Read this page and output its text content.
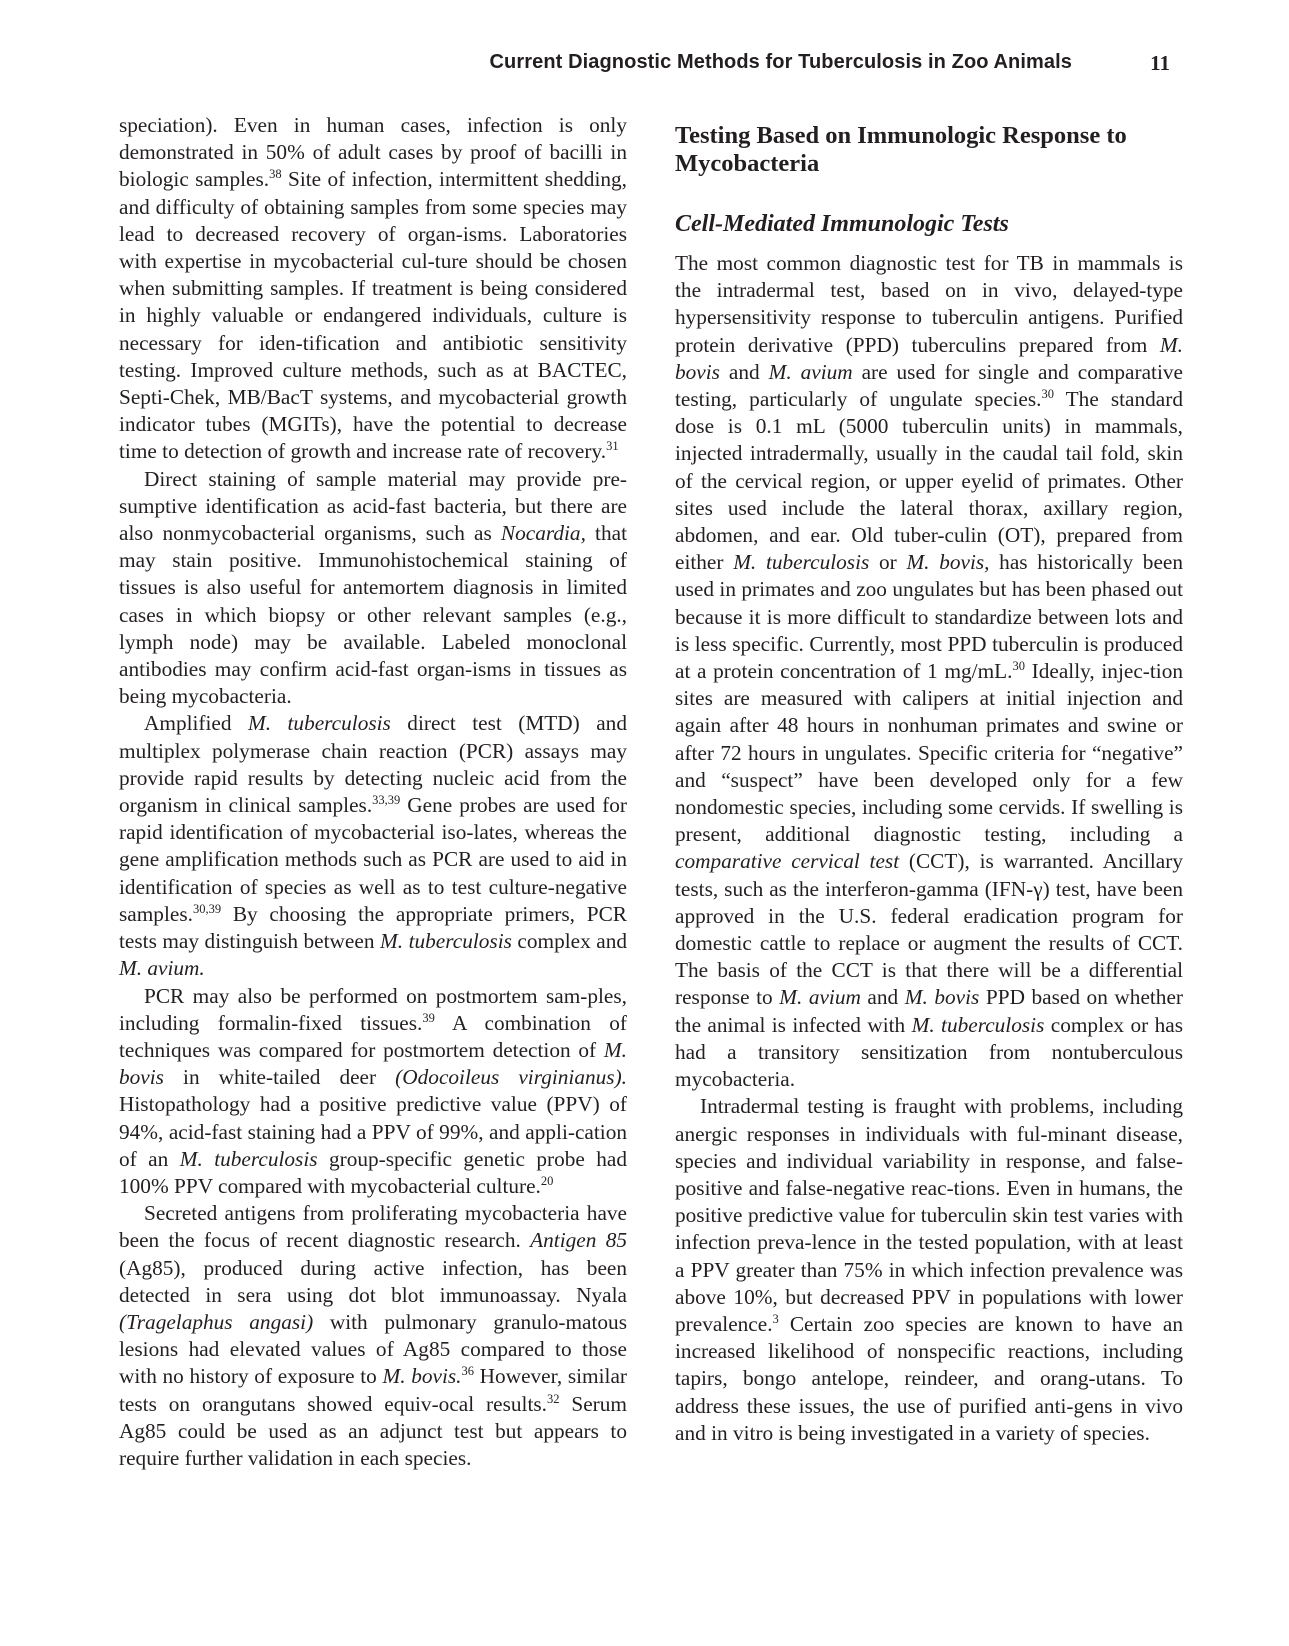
Current Diagnostic Methods for Tuberculosis in Zoo Animals	11

speciation). Even in human cases, infection is only demonstrated in 50% of adult cases by proof of bacilli in biologic samples.$^{38}$ Site of infection, intermittent shedding, and difficulty of obtaining samples from some species may lead to decreased recovery of organ-isms. Laboratories with expertise in mycobacterial cul-ture should be chosen when submitting samples. If treatment is being considered in highly valuable or endangered individuals, culture is necessary for iden-tification and antibiotic sensitivity testing. Improved culture methods, such as at BACTEC, Septi-Chek, MB/BacT systems, and mycobacterial growth indicator tubes (MGITs), have the potential to decrease time to detection of growth and increase rate of recovery.$^{31}$

Direct staining of sample material may provide pre-sumptive identification as acid-fast bacteria, but there are also nonmycobacterial organisms, such as Nocardia, that may stain positive. Immunohistochemical staining of tissues is also useful for antemortem diagnosis in limited cases in which biopsy or other relevant samples (e.g., lymph node) may be available. Labeled monoclonal antibodies may confirm acid-fast organ-isms in tissues as being mycobacteria.

Amplified M. tuberculosis direct test (MTD) and multiplex polymerase chain reaction (PCR) assays may provide rapid results by detecting nucleic acid from the organism in clinical samples.$^{33,39}$ Gene probes are used for rapid identification of mycobacterial iso-lates, whereas the gene amplification methods such as PCR are used to aid in identification of species as well as to test culture-negative samples.$^{30,39}$ By choosing the appropriate primers, PCR tests may distinguish between M. tuberculosis complex and M. avium.

PCR may also be performed on postmortem sam-ples, including formalin-fixed tissues.$^{39}$ A combination of techniques was compared for postmortem detection of M. bovis in white-tailed deer (Odocoileus virginianus). Histopathology had a positive predictive value (PPV) of 94%, acid-fast staining had a PPV of 99%, and appli-cation of an M. tuberculosis group-specific genetic probe had 100% PPV compared with mycobacterial culture.$^{20}$

Secreted antigens from proliferating mycobacteria have been the focus of recent diagnostic research. Antigen 85 (Ag85), produced during active infection, has been detected in sera using dot blot immunoassay. Nyala (Tragelaphus angasi) with pulmonary granulo-matous lesions had elevated values of Ag85 compared to those with no history of exposure to M. bovis.$^{36}$ However, similar tests on orangutans showed equiv-ocal results.$^{32}$ Serum Ag85 could be used as an adjunct test but appears to require further validation in each species.

Testing Based on Immunologic Response to Mycobacteria
Cell-Mediated Immunologic Tests

The most common diagnostic test for TB in mammals is the intradermal test, based on in vivo, delayed-type hypersensitivity response to tuberculin antigens. Purified protein derivative (PPD) tuberculins prepared from M. bovis and M. avium are used for single and comparative testing, particularly of ungulate species.$^{30}$ The standard dose is 0.1 mL (5000 tuberculin units) in mammals, injected intradermally, usually in the caudal tail fold, skin of the cervical region, or upper eyelid of primates. Other sites used include the lateral thorax, axillary region, abdomen, and ear. Old tuber-culin (OT), prepared from either M. tuberculosis or M. bovis, has historically been used in primates and zoo ungulates but has been phased out because it is more difficult to standardize between lots and is less specific. Currently, most PPD tuberculin is produced at a protein concentration of 1 mg/mL.$^{30}$ Ideally, injec-tion sites are measured with calipers at initial injection and again after 48 hours in nonhuman primates and swine or after 72 hours in ungulates. Specific criteria for “negative” and “suspect” have been developed only for a few nondomestic species, including some cervids. If swelling is present, additional diagnostic testing, including a comparative cervical test (CCT), is warranted. Ancillary tests, such as the interferon-gamma (IFN-γ) test, have been approved in the U.S. federal eradication program for domestic cattle to replace or augment the results of CCT. The basis of the CCT is that there will be a differential response to M. avium and M. bovis PPD based on whether the animal is infected with M. tuberculosis complex or has had a transitory sensitization from nontuberculous mycobacteria.

Intradermal testing is fraught with problems, including anergic responses in individuals with ful-minant disease, species and individual variability in response, and false-positive and false-negative reac-tions. Even in humans, the positive predictive value for tuberculin skin test varies with infection preva-lence in the tested population, with at least a PPV greater than 75% in which infection prevalence was above 10%, but decreased PPV in populations with lower prevalence.$^3$ Certain zoo species are known to have an increased likelihood of nonspecific reactions, including tapirs, bongo antelope, reindeer, and orang-utans. To address these issues, the use of purified anti-gens in vivo and in vitro is being investigated in a variety of species.
